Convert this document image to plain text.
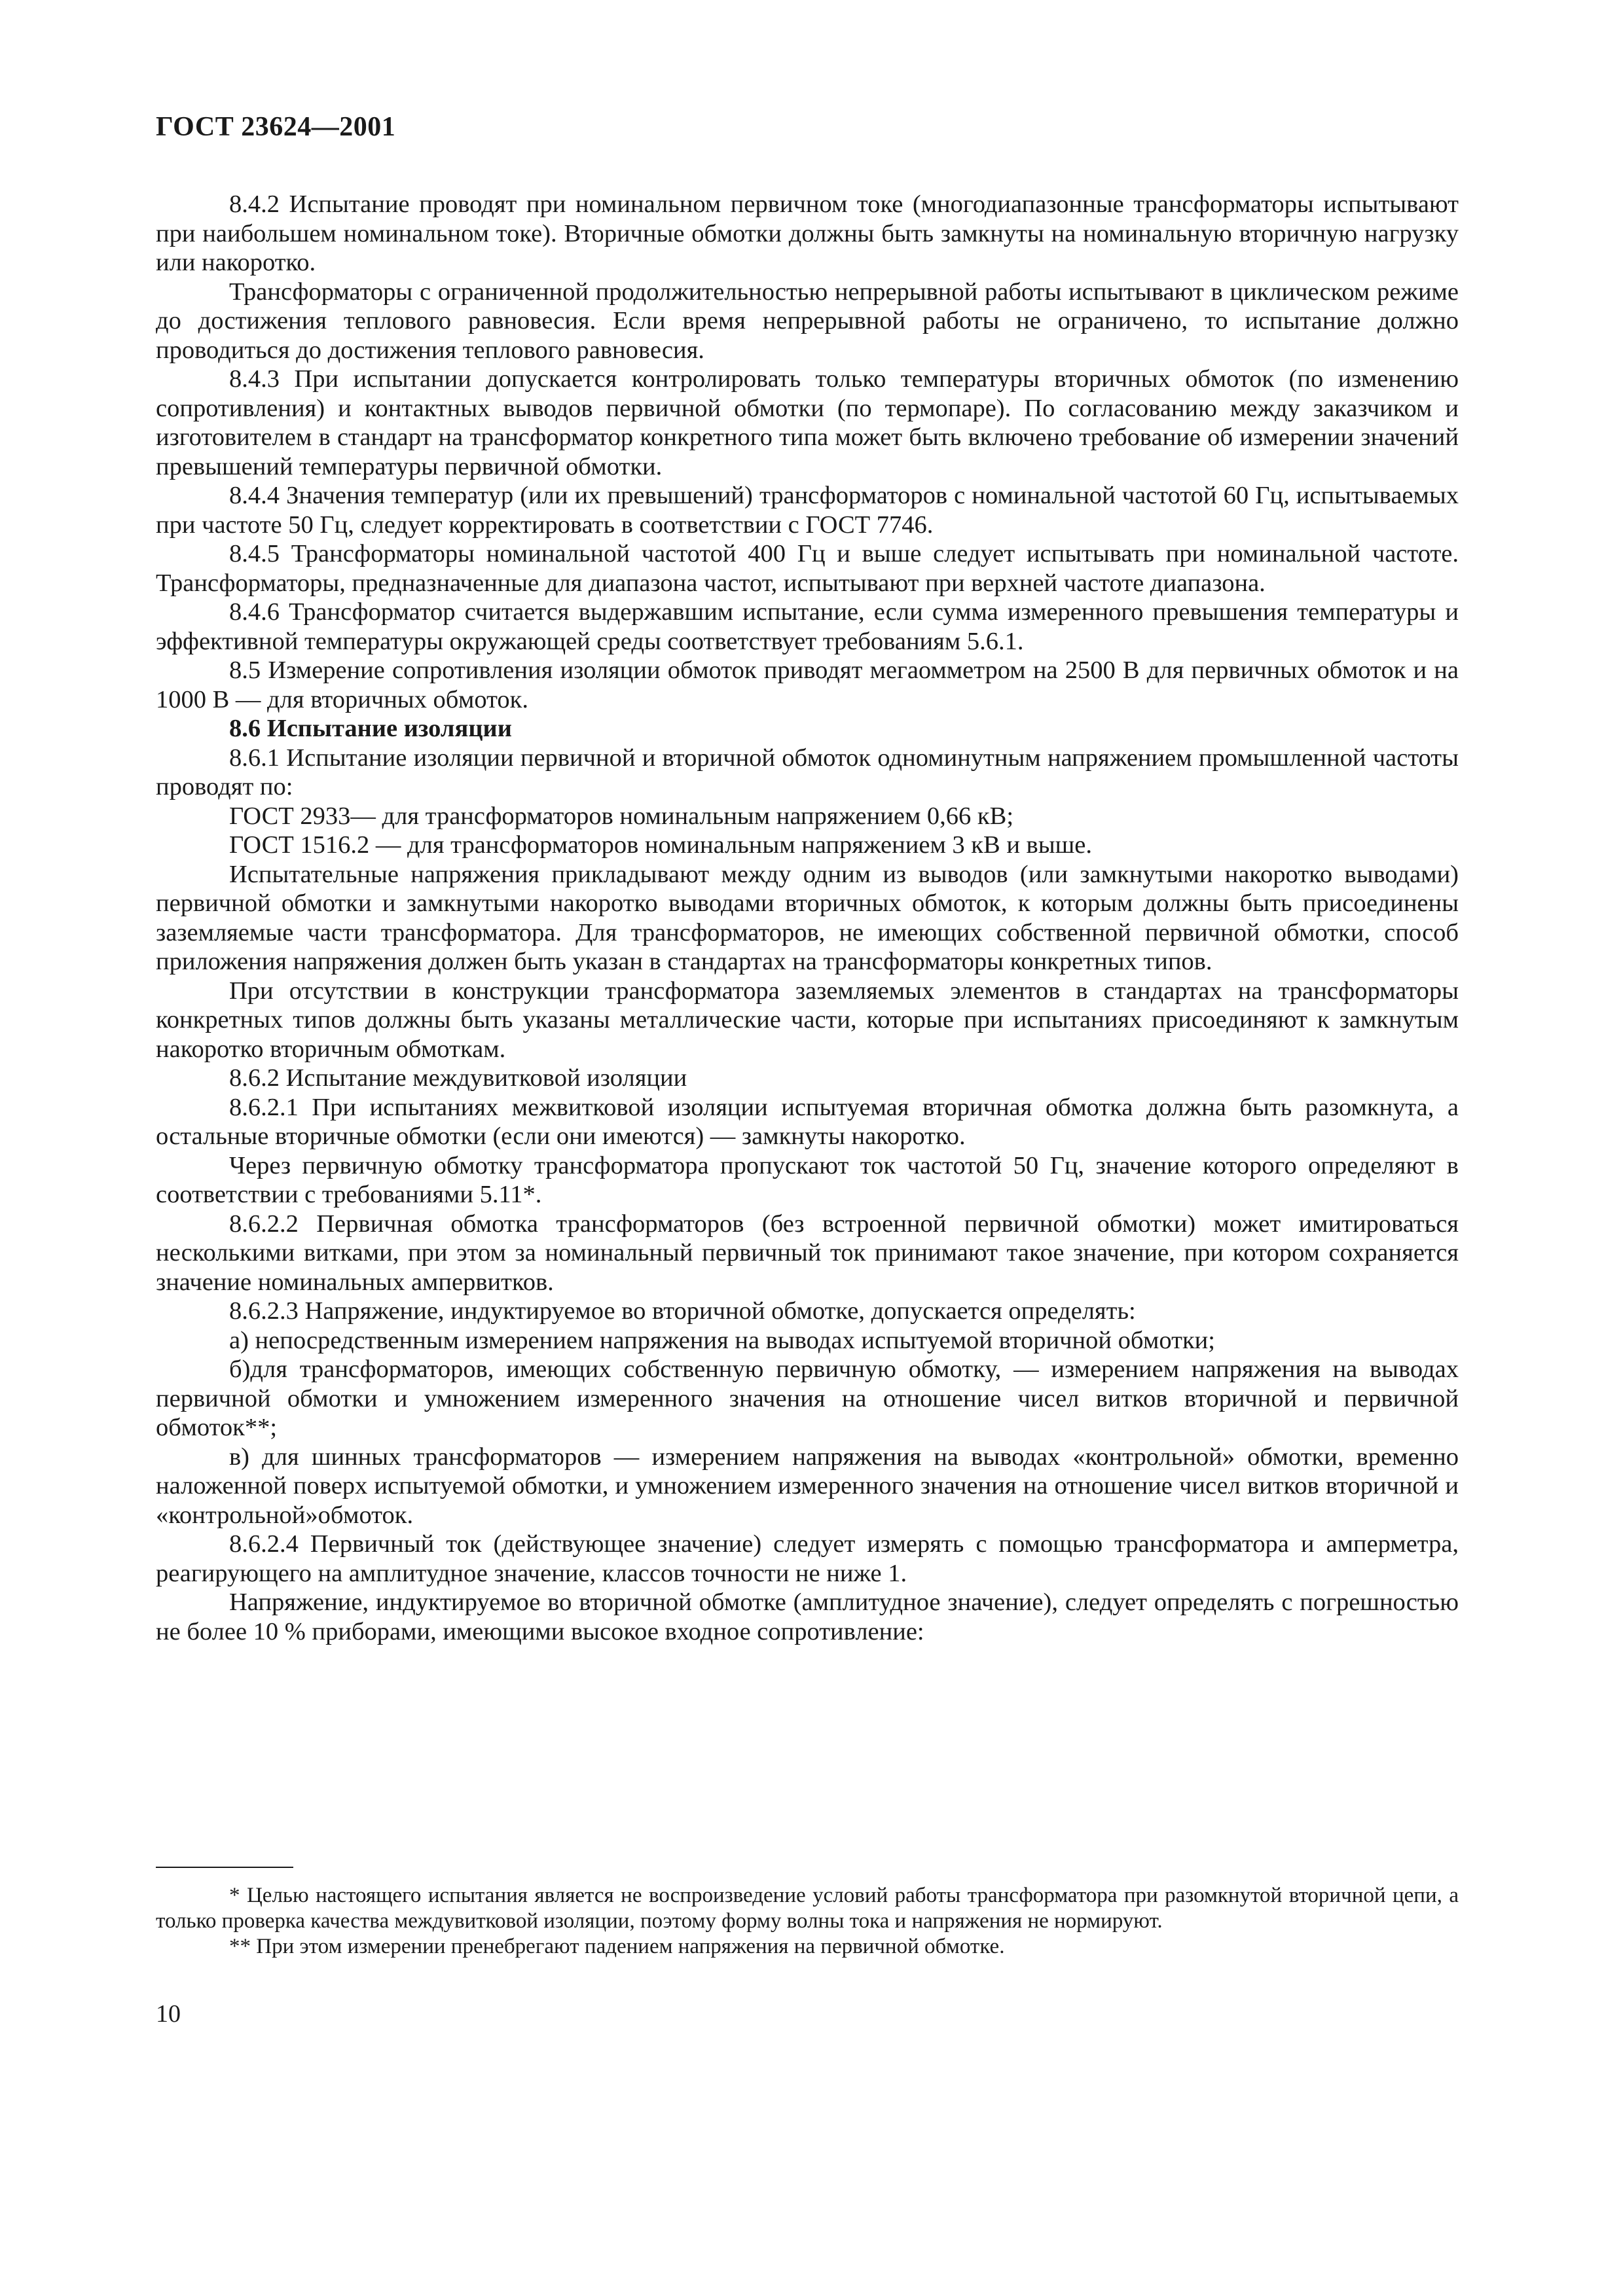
ГОСТ 23624—2001

8.4.2 Испытание проводят при номинальном первичном токе (многодиапазонные трансформаторы испытывают при наибольшем номинальном токе). Вторичные обмотки должны быть замкнуты на номинальную вторичную нагрузку или накоротко.

Трансформаторы с ограниченной продолжительностью непрерывной работы испытывают в циклическом режиме до достижения теплового равновесия. Если время непрерывной работы не ограничено, то испытание должно проводиться до достижения теплового равновесия.

8.4.3 При испытании допускается контролировать только температуры вторичных обмоток (по изменению сопротивления) и контактных выводов первичной обмотки (по термопаре). По согласованию между заказчиком и изготовителем в стандарт на трансформатор конкретного типа может быть включено требование об измерении значений превышений температуры первичной обмотки.

8.4.4 Значения температур (или их превышений) трансформаторов с номинальной частотой 60 Гц, испытываемых при частоте 50 Гц, следует корректировать в соответствии с ГОСТ 7746.

8.4.5 Трансформаторы номинальной частотой 400 Гц и выше следует испытывать при номинальной частоте. Трансформаторы, предназначенные для диапазона частот, испытывают при верхней частоте диапазона.

8.4.6 Трансформатор считается выдержавшим испытание, если сумма измеренного превышения температуры и эффективной температуры окружающей среды соответствует требованиям 5.6.1.

8.5 Измерение сопротивления изоляции обмоток приводят мегаомметром на 2500 В для первичных обмоток и на 1000 В — для вторичных обмоток.

8.6 Испытание изоляции

8.6.1 Испытание изоляции первичной и вторичной обмоток одноминутным напряжением промышленной частоты проводят по:

ГОСТ 2933— для трансформаторов номинальным напряжением 0,66 кВ;

ГОСТ 1516.2 — для трансформаторов номинальным напряжением 3 кВ и выше.

Испытательные напряжения прикладывают между одним из выводов (или замкнутыми накоротко выводами) первичной обмотки и замкнутыми накоротко выводами вторичных обмоток, к которым должны быть присоединены заземляемые части трансформатора. Для трансформаторов, не имеющих собственной первичной обмотки, способ приложения напряжения должен быть указан в стандартах на трансформаторы конкретных типов.

При отсутствии в конструкции трансформатора заземляемых элементов в стандартах на трансформаторы конкретных типов должны быть указаны металлические части, которые при испытаниях присоединяют к замкнутым накоротко вторичным обмоткам.

8.6.2 Испытание междувитковой изоляции

8.6.2.1 При испытаниях межвитковой изоляции испытуемая вторичная обмотка должна быть разомкнута, а остальные вторичные обмотки (если они имеются) — замкнуты накоротко.

Через первичную обмотку трансформатора пропускают ток частотой 50 Гц, значение которого определяют в соответствии с требованиями 5.11*.

8.6.2.2 Первичная обмотка трансформаторов (без встроенной первичной обмотки) может имитироваться несколькими витками, при этом за номинальный первичный ток принимают такое значение, при котором сохраняется значение номинальных ампервитков.

8.6.2.3 Напряжение, индуктируемое во вторичной обмотке, допускается определять:

а) непосредственным измерением напряжения на выводах испытуемой вторичной обмотки;

б)для трансформаторов, имеющих собственную первичную обмотку, — измерением напряжения на выводах первичной обмотки и умножением измеренного значения на отношение чисел витков вторичной и первичной обмоток**;

в) для шинных трансформаторов — измерением напряжения на выводах «контрольной» обмотки, временно наложенной поверх испытуемой обмотки, и умножением измеренного значения на отношение чисел витков вторичной и «контрольной»обмоток.

8.6.2.4 Первичный ток (действующее значение) следует измерять с помощью трансформатора и амперметра, реагирующего на амплитудное значение, классов точности не ниже 1.

Напряжение, индуктируемое во вторичной обмотке (амплитудное значение), следует определять с погрешностью не более 10 % приборами, имеющими высокое входное сопротивление:

* Целью настоящего испытания является не воспроизведение условий работы трансформатора при разомкнутой вторичной цепи, а только проверка качества междувитковой изоляции, поэтому форму волны тока и напряжения не нормируют.

** При этом измерении пренебрегают падением напряжения на первичной обмотке.

10
